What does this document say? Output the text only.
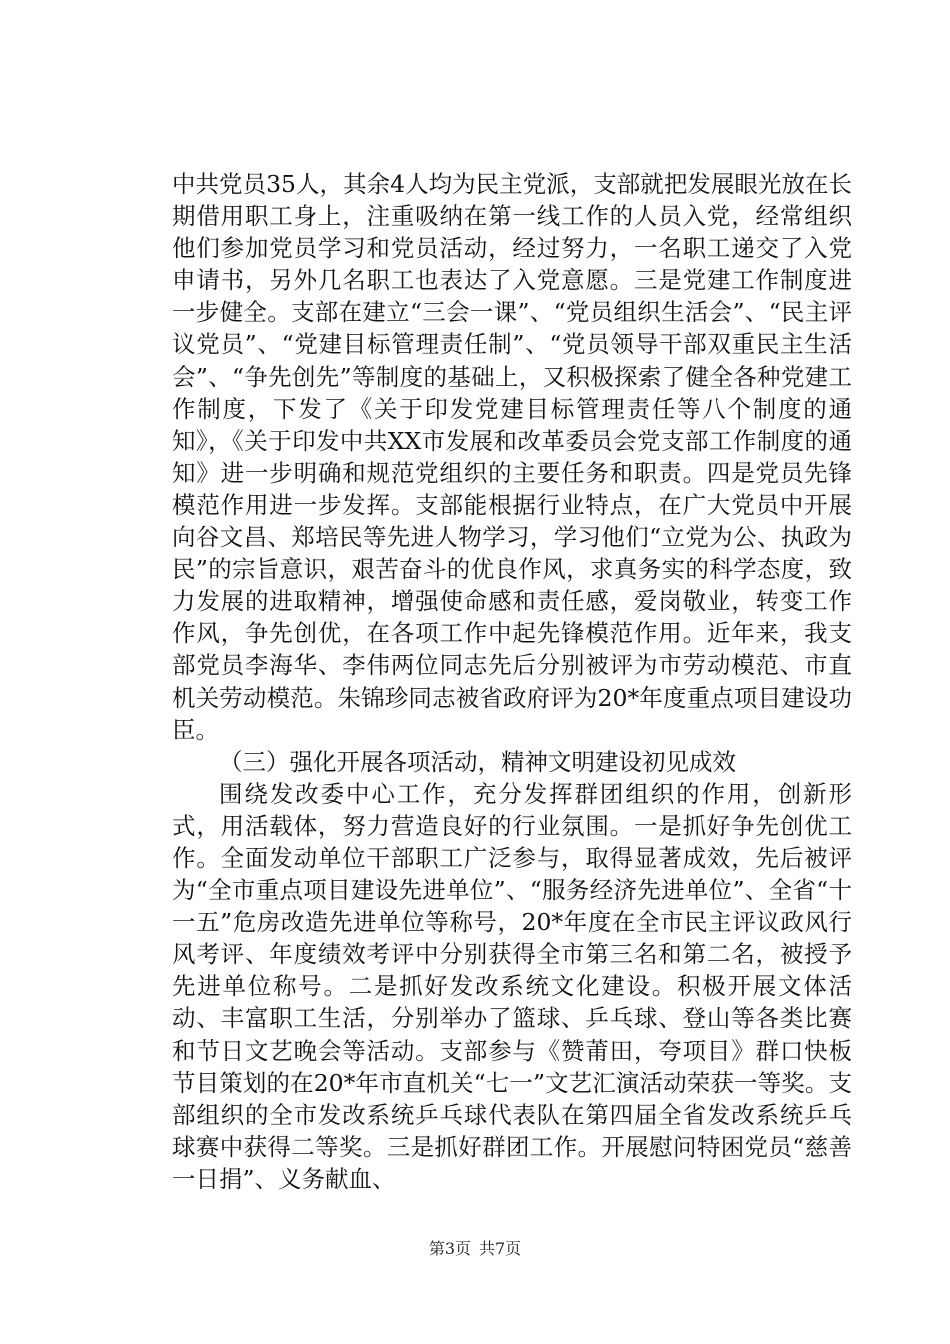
中共党员35人，其余4人均为民主党派，支部就把发展眼光放在长期借用职工身上，注重吸纳在第一线工作的人员入党，经常组织他们参加党员学习和党员活动，经过努力，一名职工递交了入党申请书，另外几名职工也表达了入党意愿。三是党建工作制度进一步健全。支部在建立“三会一课”、“党员组织生活会”、“民主评议党员”、“党建目标管理责任制”、“党员领导干部双重民主生活会”、“争先创先”等制度的基础上，又积极探索了健全各种党建工作制度，下发了《关于印发党建目标管理责任等八个制度的通知》，《关于印发中共XX市发展和改革委员会党支部工作制度的通知》进一步明确和规范党组织的主要任务和职责。四是党员先锋模范作用进一步发挥。支部能根据行业特点，在广大党员中开展向谷文昌、郑培民等先进人物学习，学习他们“立党为公、执政为民”的宗旨意识，艰苦奋斗的优良作风，求真务实的科学态度，致力发展的进取精神，增强使命感和责任感，爱岗敬业，转变工作作风，争先创优，在各项工作中起先锋模范作用。近年来，我支部党员李海华、李伟两位同志先后分别被评为市劳动模范、市直机关劳动模范。朱锦珍同志被省政府评为20*年度重点项目建设功臣。

（三）强化开展各项活动，精神文明建设初见成效

围绕发改委中心工作，充分发挥群团组织的作用，创新形式，用活载体，努力营造良好的行业氛围。一是抓好争先创优工作。全面发动单位干部职工广泛参与，取得显著成效，先后被评为“全市重点项目建设先进单位”、“服务经济先进单位”、全省“十一五”危房改造先进单位等称号，20*年度在全市民主评议政风行风考评、年度绩效考评中分别获得全市第三名和第二名，被授予先进单位称号。二是抓好发改系统文化建设。积极开展文体活动、丰富职工生活，分别举办了篮球、乒乓球、登山等各类比赛和节日文艺晚会等活动。支部参与《赞莆田，夸项目》群口快板节目策划的在20*年市直机关“七一”文艺汇演活动荣获一等奖。支部组织的全市发改系统乒乓球代表队在第四届全省发改系统乒乓球赛中获得二等奖。三是抓好群团工作。开展慰问特困党员“慈善一日捐”、义务献血、

第3页 共7页
